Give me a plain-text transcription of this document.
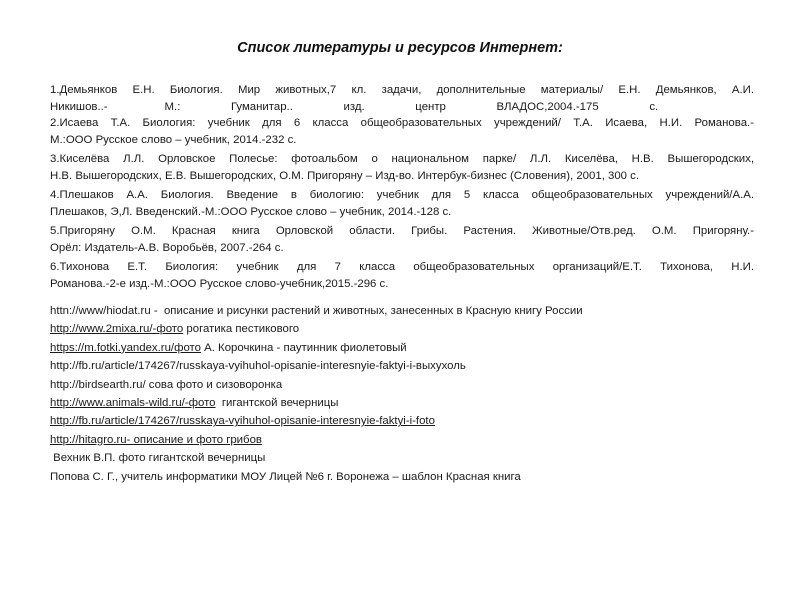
Список литературы и ресурсов Интернет:
1.Демьянков Е.Н. Биология. Мир животных,7 кл. задачи, дополнительные материалы/ Е.Н. Демьянков, А.И.
Никишов..-                  М.:                Гуманитар..                изд.                центр                ВЛАДОС,2004.-175                с.
2.Исаева Т.А. Биология: учебник для 6 класса общеобразовательных учреждений/ Т.А. Исаева, Н.И. Романова.-
М.:ООО Русское слово – учебник, 2014.-232 с.
3.Киселёва Л.Л. Орловское Полесье: фотоальбом о национальном парке/ Л.Л. Киселёва, Н.В. Вышегородских,
Н.В. Вышегородских, Е.В. Вышегородских, О.М. Пригоряну – Изд-во. Интербук-бизнес (Словения), 2001, 300 с.
4.Плешаков А.А. Биология. Введение в биологию: учебник для 5 класса общеобразовательных учреждений/А.А.
Плешаков, Э,Л. Введенский.-М.:ООО Русское слово – учебник, 2014.-128 с.
5.Пригоряну О.М. Красная книга Орловской области. Грибы. Растения. Животные/Отв.ред. О.М. Пригоряну.-
Орёл: Издатель-А.В. Воробьёв, 2007.-264 с.
6.Тихонова Е.Т. Биология: учебник для 7 класса общеобразовательных организаций/Е.Т. Тихонова, Н.И.
Романова.-2-е изд.-М.:ООО Русское слово-учебник,2015.-296 с.
httn://www/hiodat.ru -  описание и рисунки растений и животных, занесенных в Красную книгу России
http://www.2mixa.ru/-фото рогатика пестикового
https://m.fotki.yandex.ru/фото А. Корочкина - паутинник фиолетовый
http://fb.ru/article/174267/russkaya-vyihuhol-opisanie-interesnyie-faktyi-i-выхухоль
http://birdsearth.ru/ сова фото и сизоворонка
http://www.animals-wild.ru/-фото  гигантской вечерницы
http://fb.ru/article/174267/russkaya-vyihuhol-opisanie-interesnyie-faktyi-i-foto
http://hitagro.ru- описание и фото грибов
Вехник В.П. фото гигантской вечерницы
Попова С. Г., учитель информатики МОУ Лицей №6 г. Воронежа – шаблон Красная книга
